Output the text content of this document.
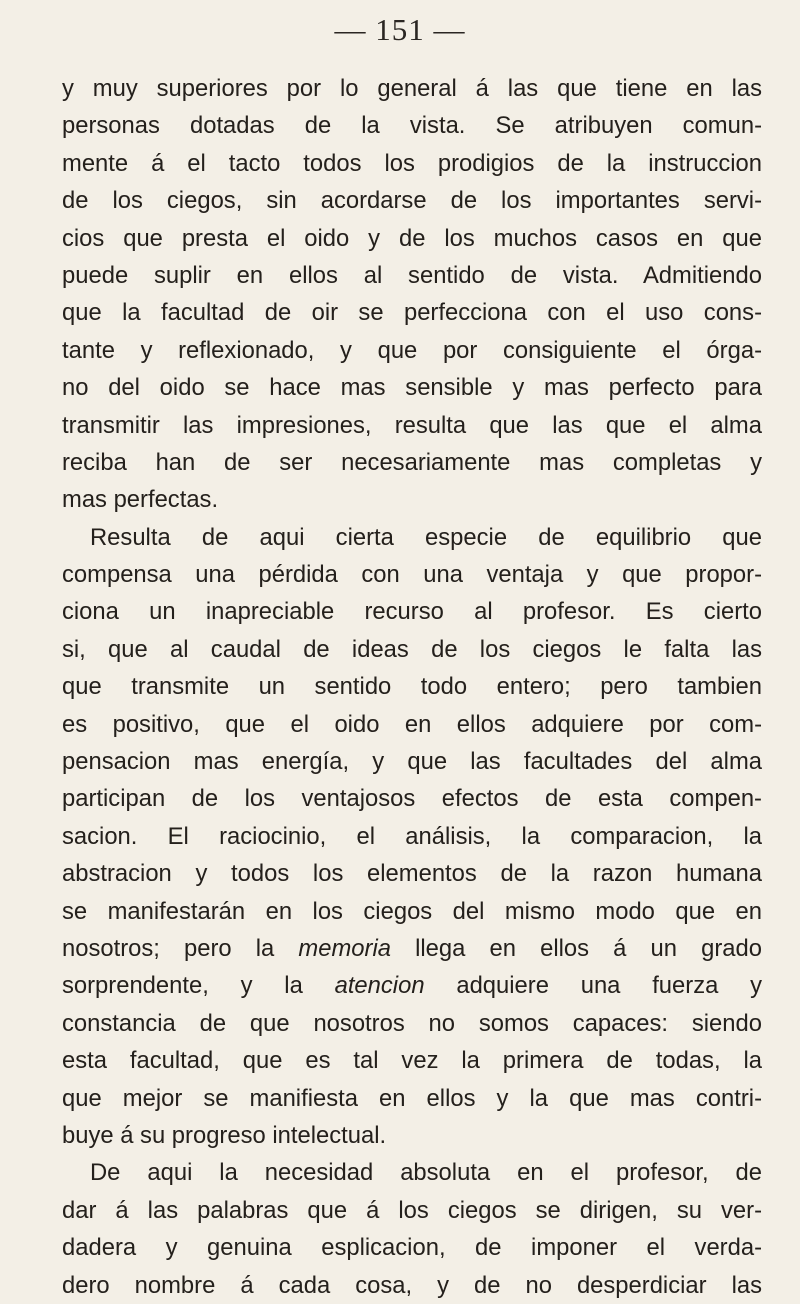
— 151 —
y muy superiores por lo general á las que tiene en las
personas dotadas de la vista. Se atribuyen comun-
mente á el tacto todos los prodigios de la instruccion
de los ciegos, sin acordarse de los importantes servi-
cios que presta el oido y de los muchos casos en que
puede suplir en ellos al sentido de vista. Admitiendo
que la facultad de oir se perfecciona con el uso cons-
tante y reflexionado, y que por consiguiente el órga-
no del oido se hace mas sensible y mas perfecto para
transmitir las impresiones, resulta que las que el alma
reciba han de ser necesariamente mas completas y
mas perfectas.
Resulta de aqui cierta especie de equilibrio que
compensa una pérdida con una ventaja y que propor-
ciona un inapreciable recurso al profesor. Es cierto
si, que al caudal de ideas de los ciegos le falta las
que transmite un sentido todo entero; pero tambien
es positivo, que el oido en ellos adquiere por com-
pensacion mas energía, y que las facultades del alma
participan de los ventajosos efectos de esta compen-
sacion. El raciocinio, el análisis, la comparacion, la
abstracion y todos los elementos de la razon humana
se manifestarán en los ciegos del mismo modo que en
nosotros; pero la memoria llega en ellos á un grado
sorprendente, y la atencion adquiere una fuerza y
constancia de que nosotros no somos capaces: siendo
esta facultad, que es tal vez la primera de todas, la
que mejor se manifiesta en ellos y la que mas contri-
buye á su progreso intelectual.
De aqui la necesidad absoluta en el profesor, de
dar á las palabras que á los ciegos se dirigen, su ver-
dadera y genuina esplicacion, de imponer el verda-
dero nombre á cada cosa, y de no desperdiciar las
